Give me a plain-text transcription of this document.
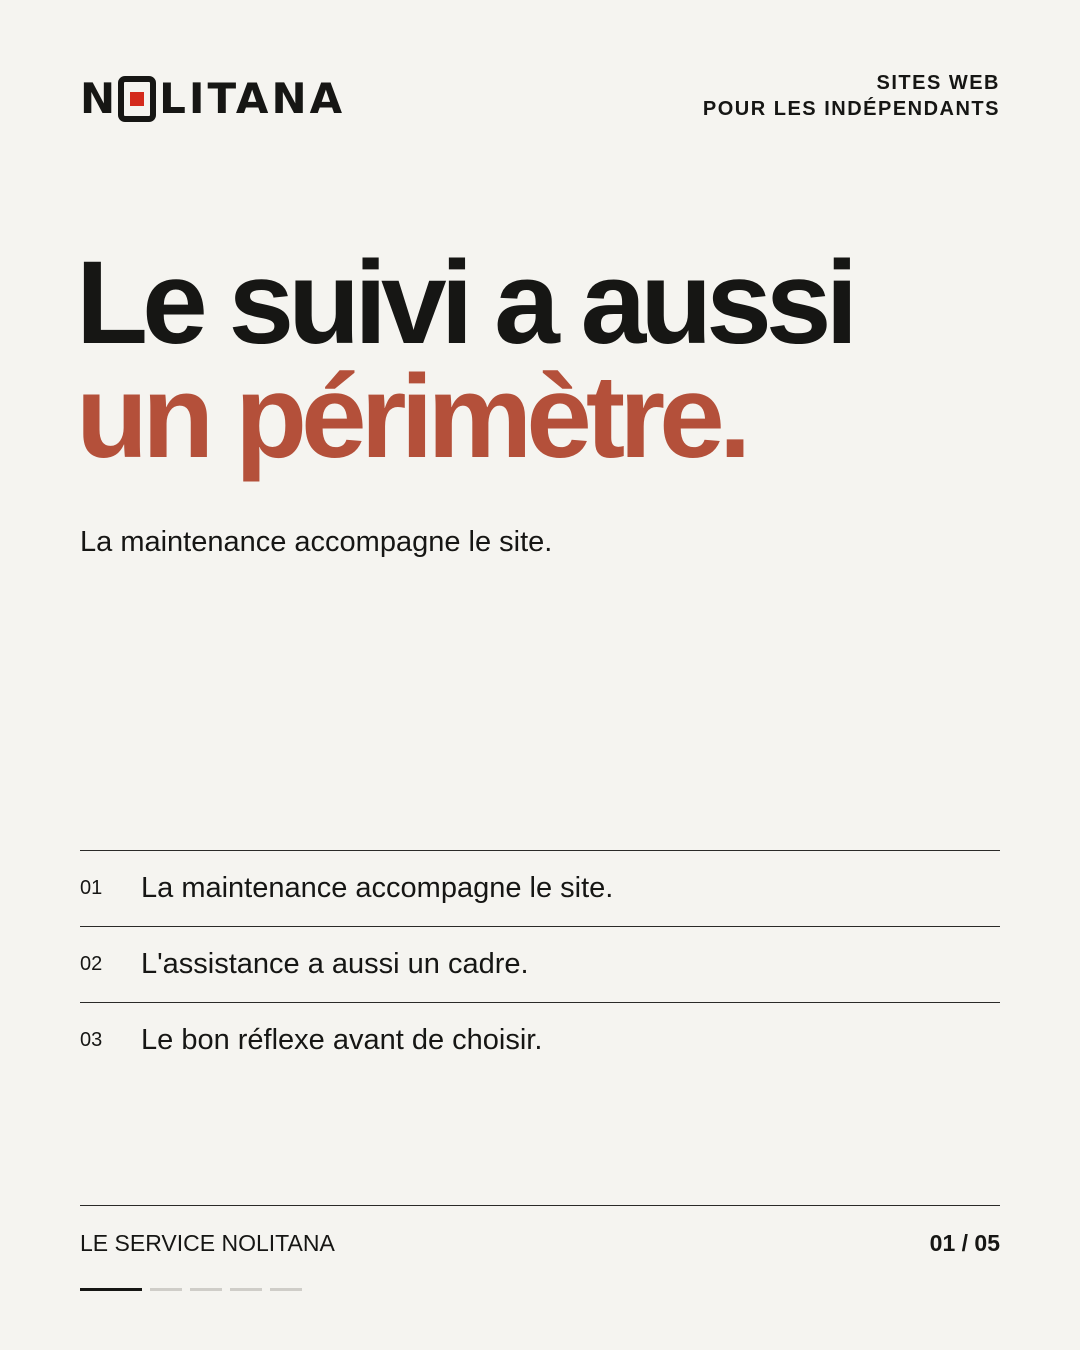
N LITANA	SITES WEB
POUR LES INDÉPENDANTS
Le suivi a aussi
un périmètre.
La maintenance accompagne le site.
01	La maintenance accompagne le site.
02	L'assistance a aussi un cadre.
03	Le bon réflexe avant de choisir.
LE SERVICE NOLITANA	01 / 05
